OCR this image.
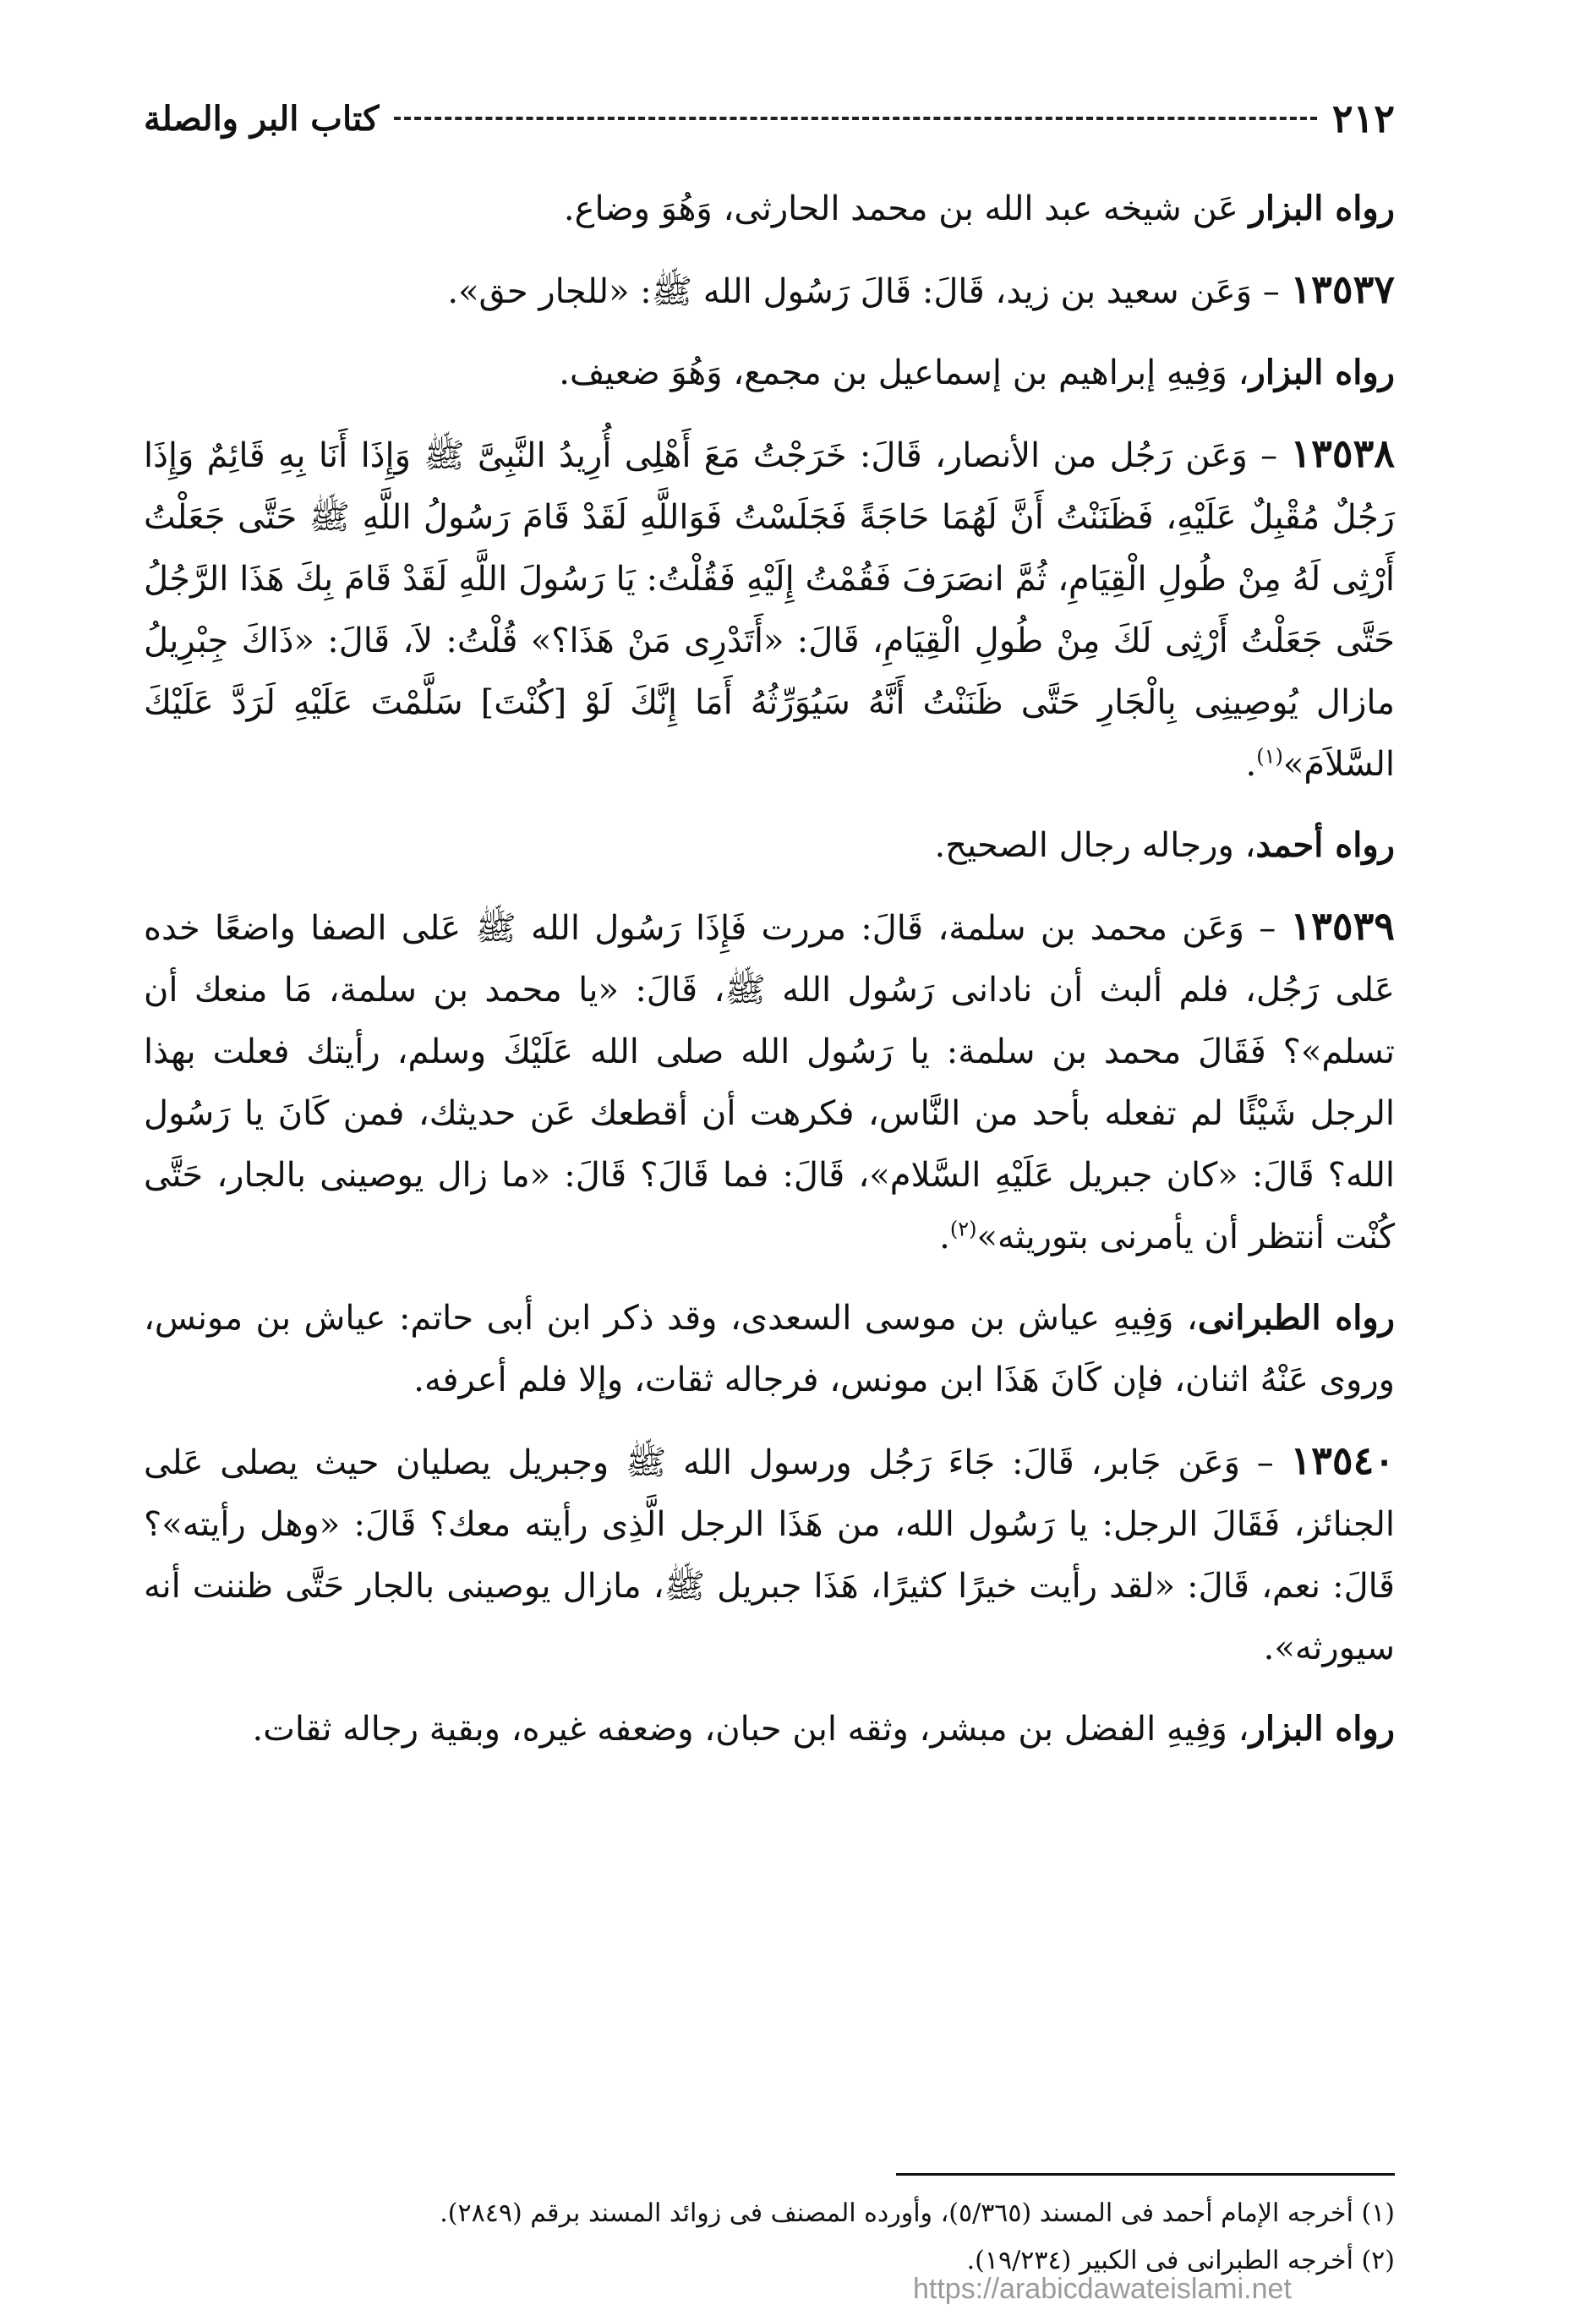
٢١٢
كتاب البر والصلة

رواه البزار عَن شيخه عبد الله بن محمد الحارثى، وَهُوَ وضاع.

١٣٥٣٧ – وَعَن سعيد بن زيد، قَالَ: قَالَ رَسُول الله ﷺ: «للجار حق».

رواه البزار، وَفِيهِ إبراهيم بن إسماعيل بن مجمع، وَهُوَ ضعيف.

١٣٥٣٨ – وَعَن رَجُل من الأنصار، قَالَ: خَرَجْتُ مَعَ أَهْلِى أُرِيدُ النَّبِىَّ ﷺ وَإِذَا أَنَا بِهِ قَائِمٌ وَإِذَا رَجُلٌ مُقْبِلٌ عَلَيْهِ، فَظَنَنْتُ أَنَّ لَهُمَا حَاجَةً فَجَلَسْتُ فَوَاللَّهِ لَقَدْ قَامَ رَسُولُ اللَّهِ ﷺ حَتَّى جَعَلْتُ أَرْثِى لَهُ مِنْ طُولِ الْقِيَامِ، ثُمَّ انصَرَفَ فَقُمْتُ إِلَيْهِ فَقُلْتُ: يَا رَسُولَ اللَّهِ لَقَدْ قَامَ بِكَ هَذَا الرَّجُلُ حَتَّى جَعَلْتُ أَرْثِى لَكَ مِنْ طُولِ الْقِيَامِ، قَالَ: «أَتَدْرِى مَنْ هَذَا؟» قُلْتُ: لاَ، قَالَ: «ذَاكَ جِبْرِيلُ مازال يُوصِينِى بِالْجَارِ حَتَّى ظَنَنْتُ أَنَّهُ سَيُوَرِّثُهُ أَمَا إِنَّكَ لَوْ [كُنْتَ] سَلَّمْتَ عَلَيْهِ لَرَدَّ عَلَيْكَ السَّلاَمَ»$^{(١)}$.

رواه أحمد، ورجاله رجال الصحيح.

١٣٥٣٩ – وَعَن محمد بن سلمة، قَالَ: مررت فَإِذَا رَسُول الله ﷺ عَلى الصفا واضعًا خده عَلى رَجُل، فلم ألبث أن نادانى رَسُول الله ﷺ، قَالَ: «يا محمد بن سلمة، مَا منعك أن تسلم»؟ فَقَالَ محمد بن سلمة: يا رَسُول الله صلى الله عَلَيْكَ وسلم، رأيتك فعلت بهذا الرجل شَيْئًا لم تفعله بأحد من النَّاس، فكرهت أن أقطعك عَن حديثك، فمن كَانَ يا رَسُول الله؟ قَالَ: «كان جبريل عَلَيْهِ السَّلام»، قَالَ: فما قَالَ؟ قَالَ: «ما زال يوصينى بالجار، حَتَّى كُنْت أنتظر أن يأمرنى بتوريثه»$^{(٢)}$.

رواه الطبرانى، وَفِيهِ عياش بن موسى السعدى، وقد ذكر ابن أبى حاتم: عياش بن مونس، وروى عَنْهُ اثنان، فإن كَانَ هَذَا ابن مونس، فرجاله ثقات، وإلا فلم أعرفه.

١٣٥٤٠ – وَعَن جَابر، قَالَ: جَاءَ رَجُل ورسول الله ﷺ وجبريل يصليان حيث يصلى عَلى الجنائز، فَقَالَ الرجل: يا رَسُول الله، من هَذَا الرجل الَّذِى رأيته معك؟ قَالَ: «وهل رأيته»؟ قَالَ: نعم، قَالَ: «لقد رأيت خيرًا كثيرًا، هَذَا جبريل ﷺ، مازال يوصينى بالجار حَتَّى ظننت أنه سيورثه».

رواه البزار، وَفِيهِ الفضل بن مبشر، وثقه ابن حبان، وضعفه غيره، وبقية رجاله ثقات.

(١) أخرجه الإمام أحمد فى المسند (٥/٣٦٥)، وأورده المصنف فى زوائد المسند برقم (٢٨٤٩).

(٢) أخرجه الطبرانى فى الكبير (١٩/٢٣٤).

https://arabicdawateislami.net
